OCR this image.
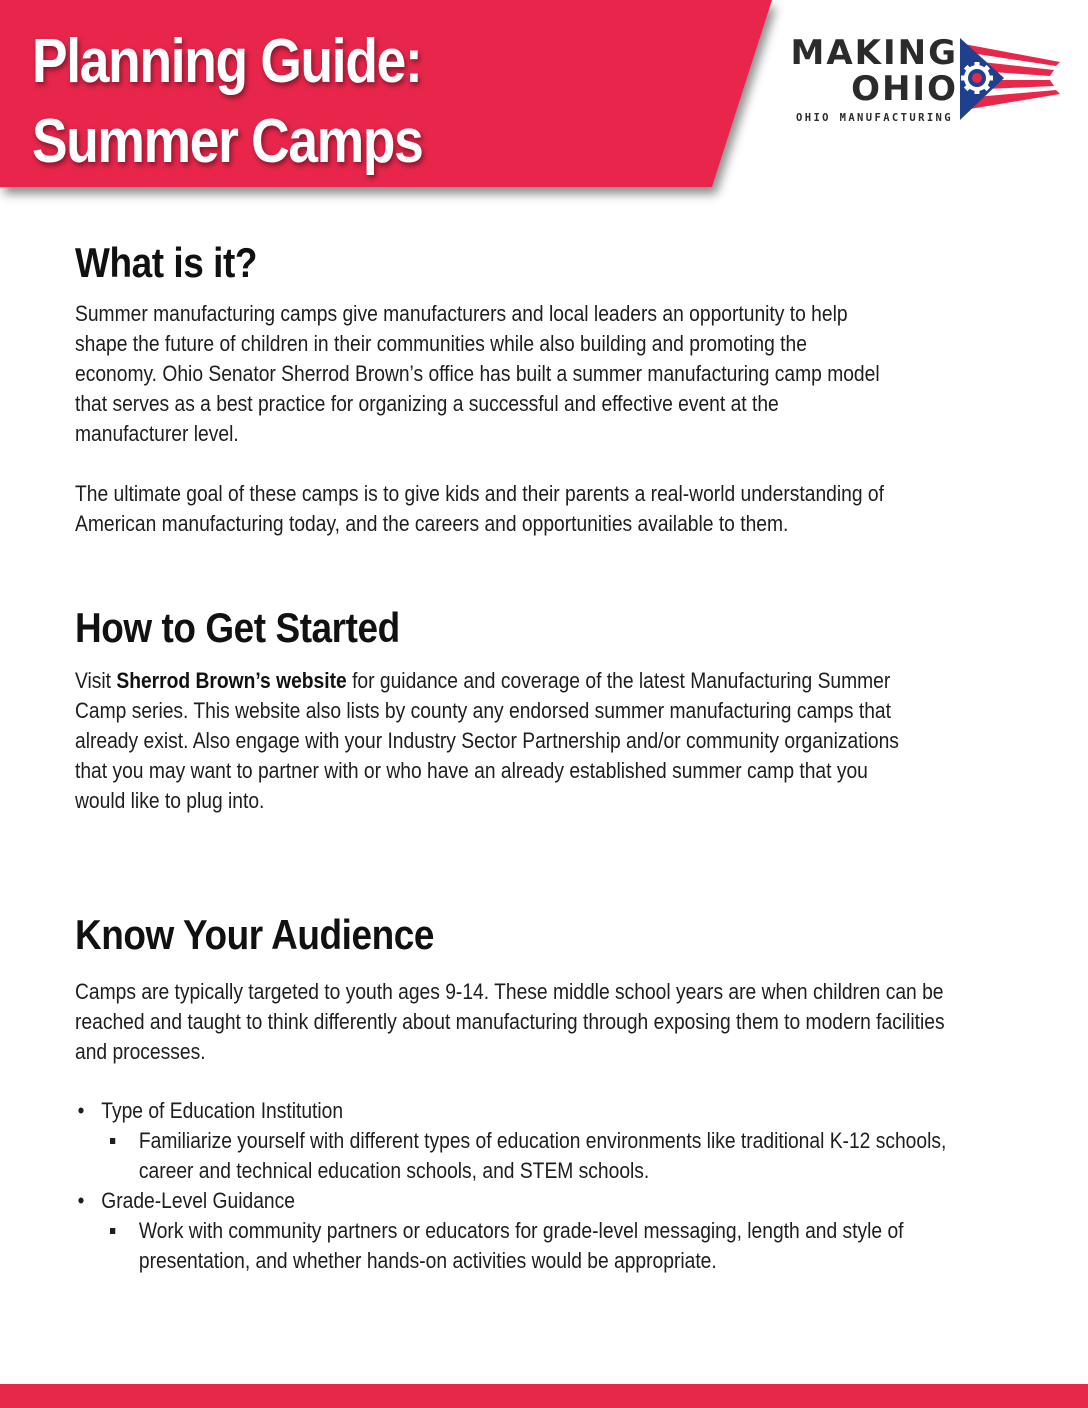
Planning Guide:
Summer Camps
MAKING
OHIO
OHIO MANUFACTURING
What is it?

Summer manufacturing camps give manufacturers and local leaders an opportunity to help
shape the future of children in their communities while also building and promoting the
economy. Ohio Senator Sherrod Brown’s office has built a summer manufacturing camp model
that serves as a best practice for organizing a successful and effective event at the
manufacturer level.

The ultimate goal of these camps is to give kids and their parents a real-world understanding of
American manufacturing today, and the careers and opportunities available to them.

How to Get Started

Visit Sherrod Brown’s website for guidance and coverage of the latest Manufacturing Summer
Camp series. This website also lists by county any endorsed summer manufacturing camps that
already exist. Also engage with your Industry Sector Partnership and/or community organizations
that you may want to partner with or who have an already established summer camp that you
would like to plug into.

Know Your Audience

Camps are typically targeted to youth ages 9-14. These middle school years are when children can be
reached and taught to think differently about manufacturing through exposing them to modern facilities
and processes.

• Type of Education Institution
Familiarize yourself with different types of education environments like traditional K-12 schools,
career and technical education schools, and STEM schools.
• Grade-Level Guidance
Work with community partners or educators for grade-level messaging, length and style of
presentation, and whether hands-on activities would be appropriate.
